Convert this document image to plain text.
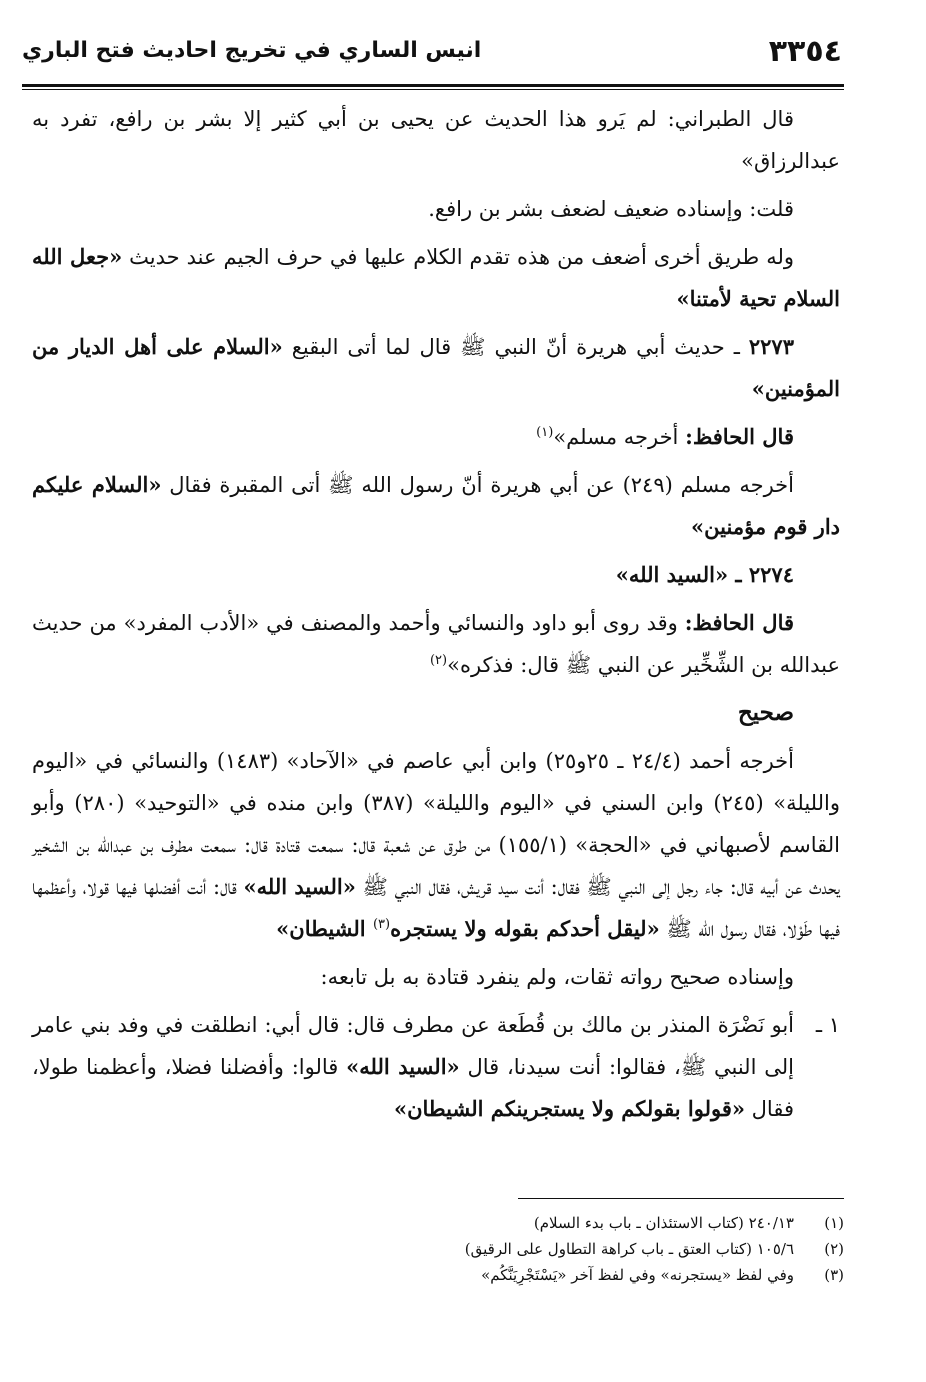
٣٣٥٤
انيس الساري في تخريج احاديث فتح الباري

قال الطبراني: لم يَرو هذا الحديث عن يحيى بن أبي كثير إلا بشر بن رافع، تفرد به عبدالرزاق»

قلت: وإسناده ضعيف لضعف بشر بن رافع.

وله طريق أخرى أضعف من هذه تقدم الكلام عليها في حرف الجيم عند حديث «جعل الله السلام تحية لأمتنا»

٢٢٧٣ ـ حديث أبي هريرة أنّ النبي ﷺ قال لما أتى البقيع «السلام على أهل الديار من المؤمنين»

قال الحافظ: أخرجه مسلم»$^{(١)}$

أخرجه مسلم (٢٤٩) عن أبي هريرة أنّ رسول الله ﷺ أتى المقبرة فقال «السلام عليكم دار قوم مؤمنين»

٢٢٧٤ ـ «السيد الله»

قال الحافظ: وقد روى أبو داود والنسائي وأحمد والمصنف في «الأدب المفرد» من حديث عبدالله بن الشِّخِّير عن النبي ﷺ قال: فذكره»$^{(٢)}$

صحيح

أخرجه أحمد (٢٤/٤ ـ ٢٥و٢٥) وابن أبي عاصم في «الآحاد» (١٤٨٣) والنسائي في «اليوم والليلة» (٢٤٥) وابن السني في «اليوم والليلة» (٣٨٧) وابن منده في «التوحيد» (٢٨٠) وأبو القاسم لأصبهاني في «الحجة» (١٥٥/١) من طرق عن شعبة قال: سمعت قتادة قال: سمعت مطرف بن عبدالله بن الشخير يحدث عن أبيه قال: جاء رجل إلى النبي ﷺ فقال: أنت سيد قريش، فقال النبي ﷺ «السيد الله» قال: أنت أفضلها فيها قولا، وأعظمها فيها طَوْلا، فقال رسول الله ﷺ «ليقل أحدكم بقوله ولا يستجره$^{(٣)}$ الشيطان»

وإسناده صحيح رواته ثقات، ولم ينفرد قتادة به بل تابعه:

١ ـ
أبو نَضْرَة المنذر بن مالك بن قُطَعة عن مطرف قال: قال أبي: انطلقت في وفد بني عامر إلى النبي ﷺ، فقالوا: أنت سيدنا، قال «السيد الله» قالوا: وأفضلنا فضلا، وأعظمنا طولا، فقال «قولوا بقولكم ولا يستجرينكم الشيطان»
(١)
٢٤٠/١٣ (كتاب الاستئذان ـ باب بدء السلام)
(٢)
١٠٥/٦ (كتاب العتق ـ باب كراهة التطاول على الرقيق)
(٣)
وفي لفظ «يستجرنه» وفي لفظ آخر «يَسْتَجْرِيَنَّكُم»
